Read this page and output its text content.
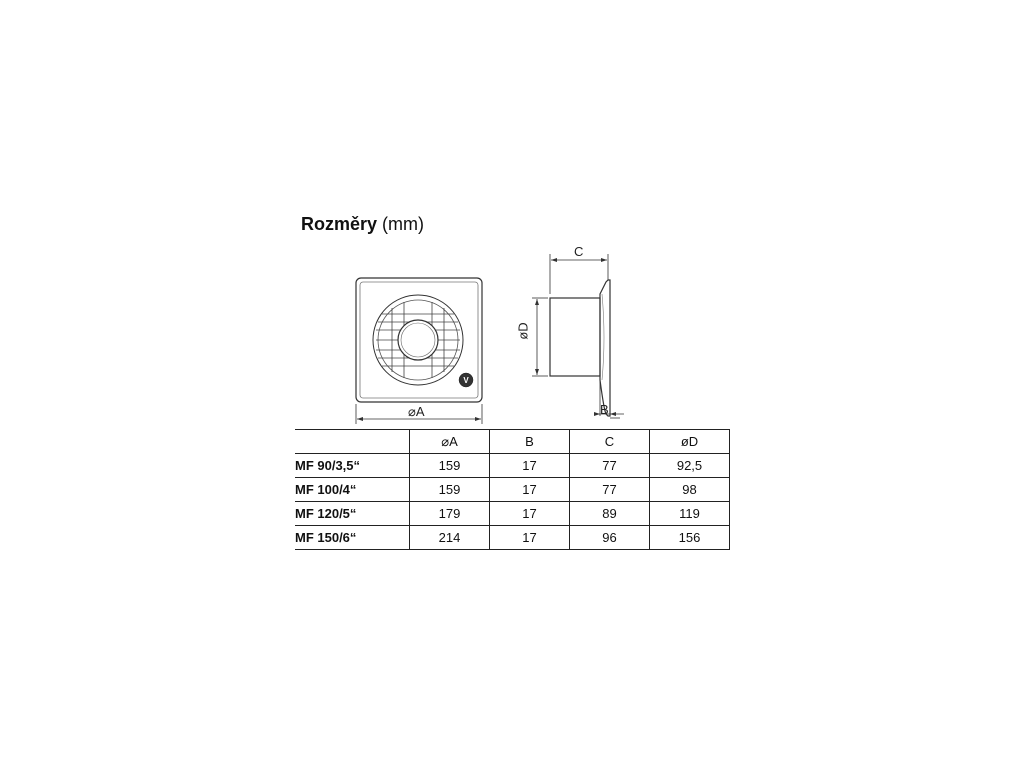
Rozměry (mm)
V
⌀A
C
øD
B
	⌀A	B	C	øD
MF 90/3,5“	159	17	77	92,5
MF 100/4“	159	17	77	98
MF 120/5“	179	17	89	119
MF 150/6“	214	17	96	156
